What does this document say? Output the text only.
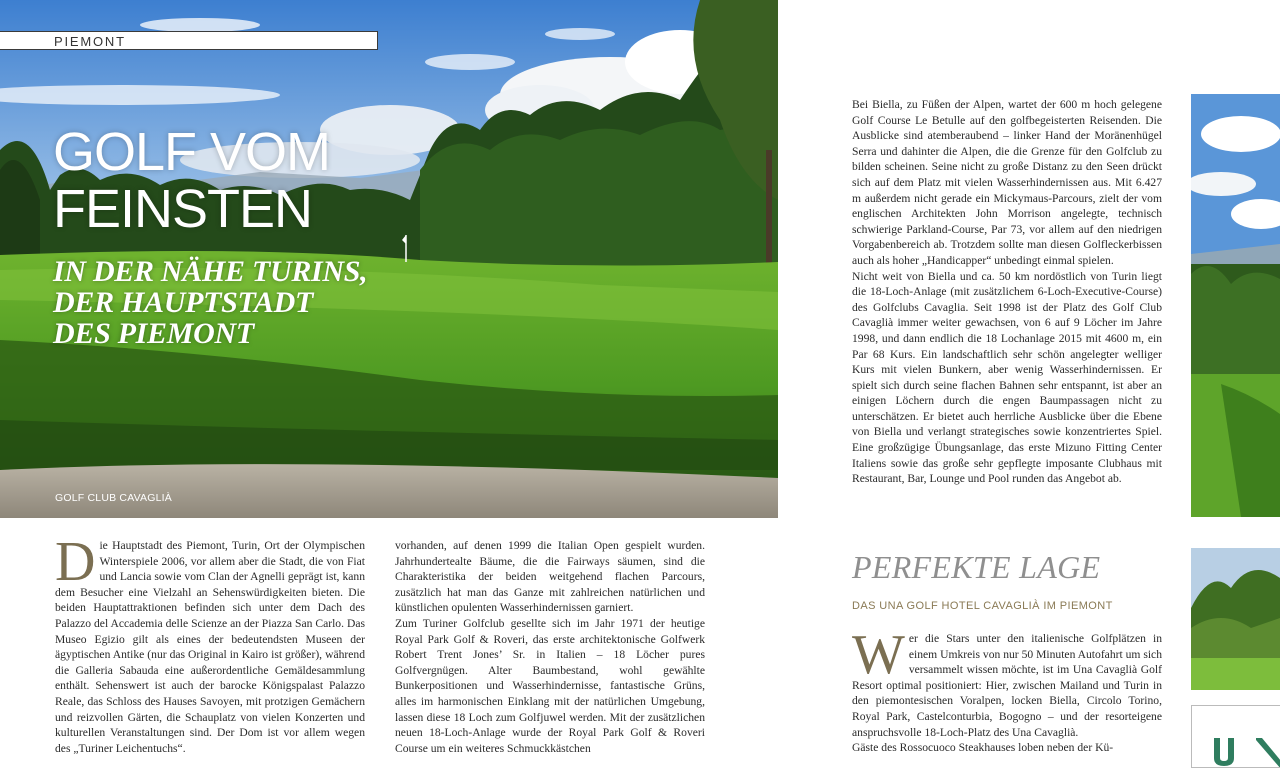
GOLF VOM
FEINSTEN
IN DER NÄHE TURINS,
DER HAUPTSTADT
DES PIEMONT
GOLF CLUB CAVAGLIÀ
PIEMONT
D ie Hauptstadt des Piemont, Turin, Ort der Olympischen Winterspiele 2006, vor allem aber die Stadt, die von Fiat und Lancia sowie vom Clan der Agnelli geprägt ist, kann dem Besucher eine Vielzahl an Sehenswürdigkeiten bieten. Die beiden Hauptattraktionen befinden sich unter dem Dach des Palazzo del Accademia delle Scienze an der Piazza San Carlo. Das Museo Egizio gilt als eines der bedeutendsten Museen der ägyptischen Antike (nur das Original in Kairo ist größer), während die Galleria Sabauda eine außerordentliche Gemäldesammlung enthält. Sehenswert ist auch der barocke Königspalast Palazzo Reale, das Schloss des Hauses Savoyen, mit protzigen Gemächern und reizvollen Gärten, die Schauplatz von vielen Konzerten und kulturellen Veranstaltungen sind. Der Dom ist vor allem wegen des „Turiner Leichentuchs“.

vorhanden, auf denen 1999 die Italian Open gespielt wurden. Jahrhundertealte Bäume, die die Fairways säumen, sind die Charakteristika der beiden weitgehend flachen Parcours, zusätzlich hat man das Ganze mit zahlreichen natürlichen und künstlichen opulenten Wasserhindernissen garniert.

Zum Turiner Golfclub gesellte sich im Jahr 1971 der heutige Royal Park Golf & Roveri, das erste architektonische Golfwerk Robert Trent Jones’ Sr. in Italien – 18 Löcher pures Golfvergnügen. Alter Baumbestand, wohl gewählte Bunkerpositionen und Wasserhindernisse, fantastische Grüns, alles im harmonischen Einklang mit der natürlichen Umgebung, lassen diese 18 Loch zum Golfjuwel werden. Mit der zusätzlichen neuen 18-Loch-Anlage wurde der Royal Park Golf & Roveri Course um ein weiteres Schmuckkästchen

Bei Biella, zu Füßen der Alpen, wartet der 600 m hoch gelegene Golf Course Le Betulle auf den golfbegeisterten Reisenden. Die Ausblicke sind atemberaubend – linker Hand der Moränenhügel Serra und dahinter die Alpen, die die Grenze für den Golfclub zu bilden scheinen. Seine nicht zu große Distanz zu den Seen drückt sich auf dem Platz mit vielen Wasserhindernissen aus. Mit 6.427 m außerdem nicht gerade ein Mickymaus-Parcours, zielt der vom englischen Architekten John Morrison angelegte, technisch schwierige Parkland-Course, Par 73, vor allem auf den niedrigen Vorgabenbereich ab. Trotzdem sollte man diesen Golfleckerbissen auch als hoher „Handicapper“ unbedingt einmal spielen.

Nicht weit von Biella und ca. 50 km nordöstlich von Turin liegt die 18-Loch-Anlage (mit zusätzlichem 6-Loch-Executive-Course) des Golfclubs Cavaglia. Seit 1998 ist der Platz des Golf Club Cavaglià immer weiter gewachsen, von 6 auf 9 Löcher im Jahre 1998, und dann endlich die 18 Lochanlage 2015 mit 4600 m, ein Par 68 Kurs. Ein landschaftlich sehr schön angelegter welliger Kurs mit vielen Bunkern, aber wenig Wasserhindernissen. Er spielt sich durch seine flachen Bahnen sehr entspannt, ist aber an einigen Löchern durch die engen Baumpassagen nicht zu unterschätzen. Er bietet auch herrliche Ausblicke über die Ebene von Biella und verlangt strategisches sowie konzentriertes Spiel. Eine großzügige Übungsanlage, das erste Mizuno Fitting Center Italiens sowie das große sehr gepflegte imposante Clubhaus mit Restaurant, Bar, Lounge und Pool runden das Angebot ab.

PERFEKTE LAGE
DAS UNA GOLF HOTEL CAVAGLIÀ IM PIEMONT
W er die Stars unter den italienische Golfplätzen in einem Umkreis von nur 50 Minuten Autofahrt um sich versammelt wissen möchte, ist im Una Cavaglià Golf Resort optimal positioniert: Hier, zwischen Mailand und Turin in den piemontesischen Voralpen, locken Biella, Circolo Torino, Royal Park, Castelconturbia, Bogogno – und der resorteigene anspruchsvolle 18-Loch-Platz des Una Cavaglià.

Gäste des Rossocuoco Steakhauses loben neben der Kü-
